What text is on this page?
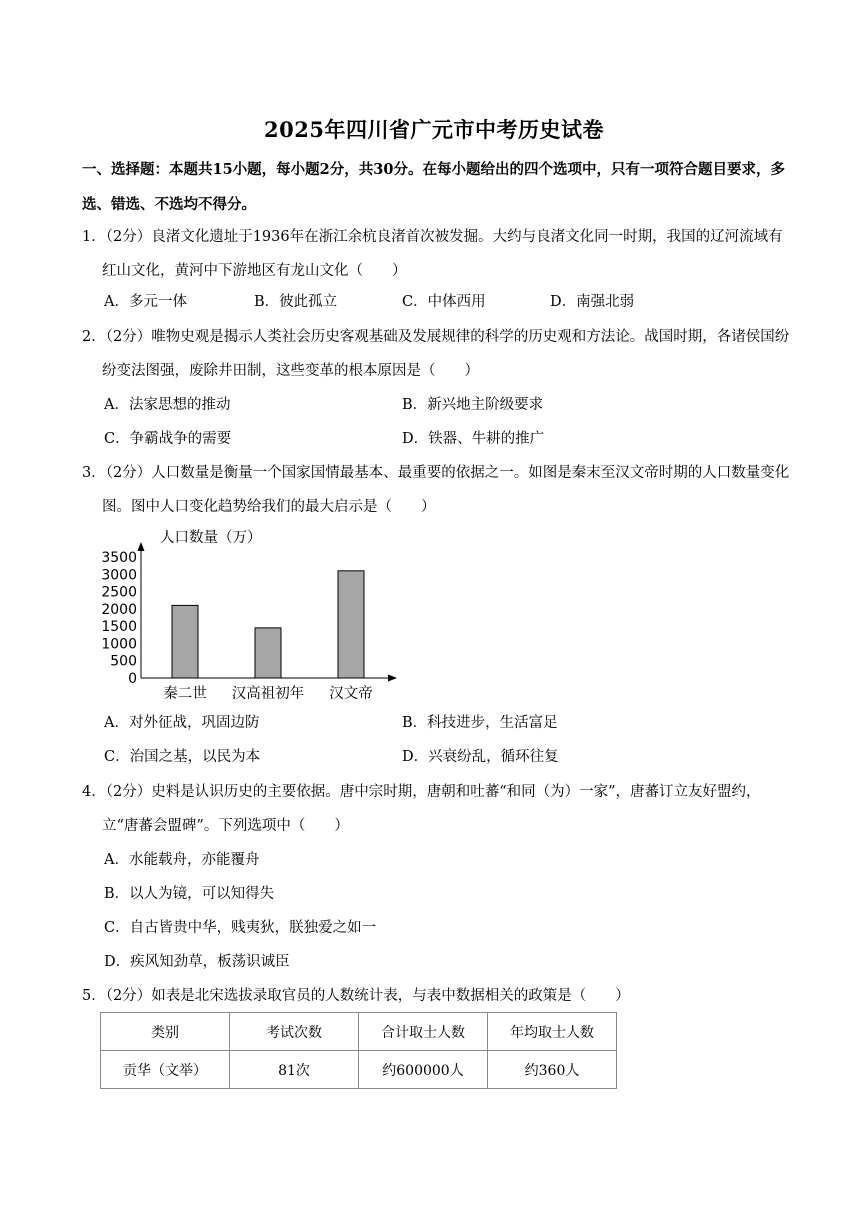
2025年四川省广元市中考历史试卷
一、选择题：本题共15小题，每小题2分，共30分。在每小题给出的四个选项中，只有一项符合题目要求，多选、错选、不选均不得分。
1．（2分）良渚文化遗址于1936年在浙江余杭良渚首次被发掘。大约与良渚文化同一时期，我国的辽河流域有红山文化，黄河中下游地区有龙山文化（　　）
A．多元一体	B．彼此孤立	C．中体西用	D．南强北弱
2．（2分）唯物史观是揭示人类社会历史客观基础及发展规律的科学的历史观和方法论。战国时期，各诸侯国纷纷变法图强，废除井田制，这些变革的根本原因是（　　）
A．法家思想的推动	B．新兴地主阶级要求
C．争霸战争的需要	D．铁器、牛耕的推广
3．（2分）人口数量是衡量一个国家国情最基本、最重要的依据之一。如图是秦末至汉文帝时期的人口数量变化图。图中人口变化趋势给我们的最大启示是（　　）
人口数量（万）
3500
3000
2500
2000
1500
1000
500
0
秦二世 汉高祖初年 汉文帝
A．对外征战，巩固边防	B．科技进步，生活富足
C．治国之基，以民为本	D．兴衰纷乱，循环往复
4．（2分）史料是认识历史的主要依据。唐中宗时期，唐朝和吐蕃“和同（为）一家”，唐蕃订立友好盟约，立“唐蕃会盟碑”。下列选项中（　　）
A．水能载舟，亦能覆舟
B．以人为镜，可以知得失
C．自古皆贵中华，贱夷狄，朕独爱之如一
D．疾风知劲草，板荡识诚臣
5．（2分）如表是北宋选拔录取官员的人数统计表，与表中数据相关的政策是（　　）
类别	考试次数	合计取士人数	年均取士人数
贡华（文举）	81次	约600000人	约360人
